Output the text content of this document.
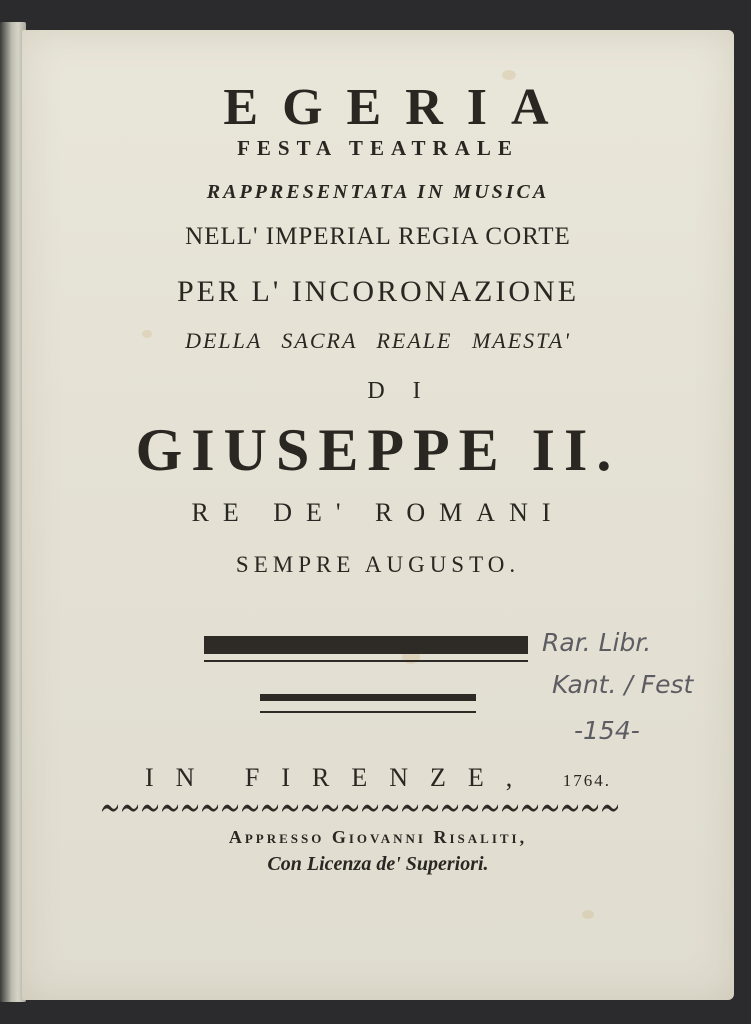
EGERIA
FESTA TEATRALE
RAPPRESENTATA IN MUSICA
NELL' IMPERIAL REGIA CORTE
PER L' INCORONAZIONE
DELLA SACRA REALE MAESTA'
DI
GIUSEPPE II.
RE DE' ROMANI
SEMPRE AUGUSTO.
Rar. Libr.
Kant. / Fest
-154-
IN FIRENZE, 1764.
Appresso Giovanni Risaliti,
Con Licenza de' Superiori.
